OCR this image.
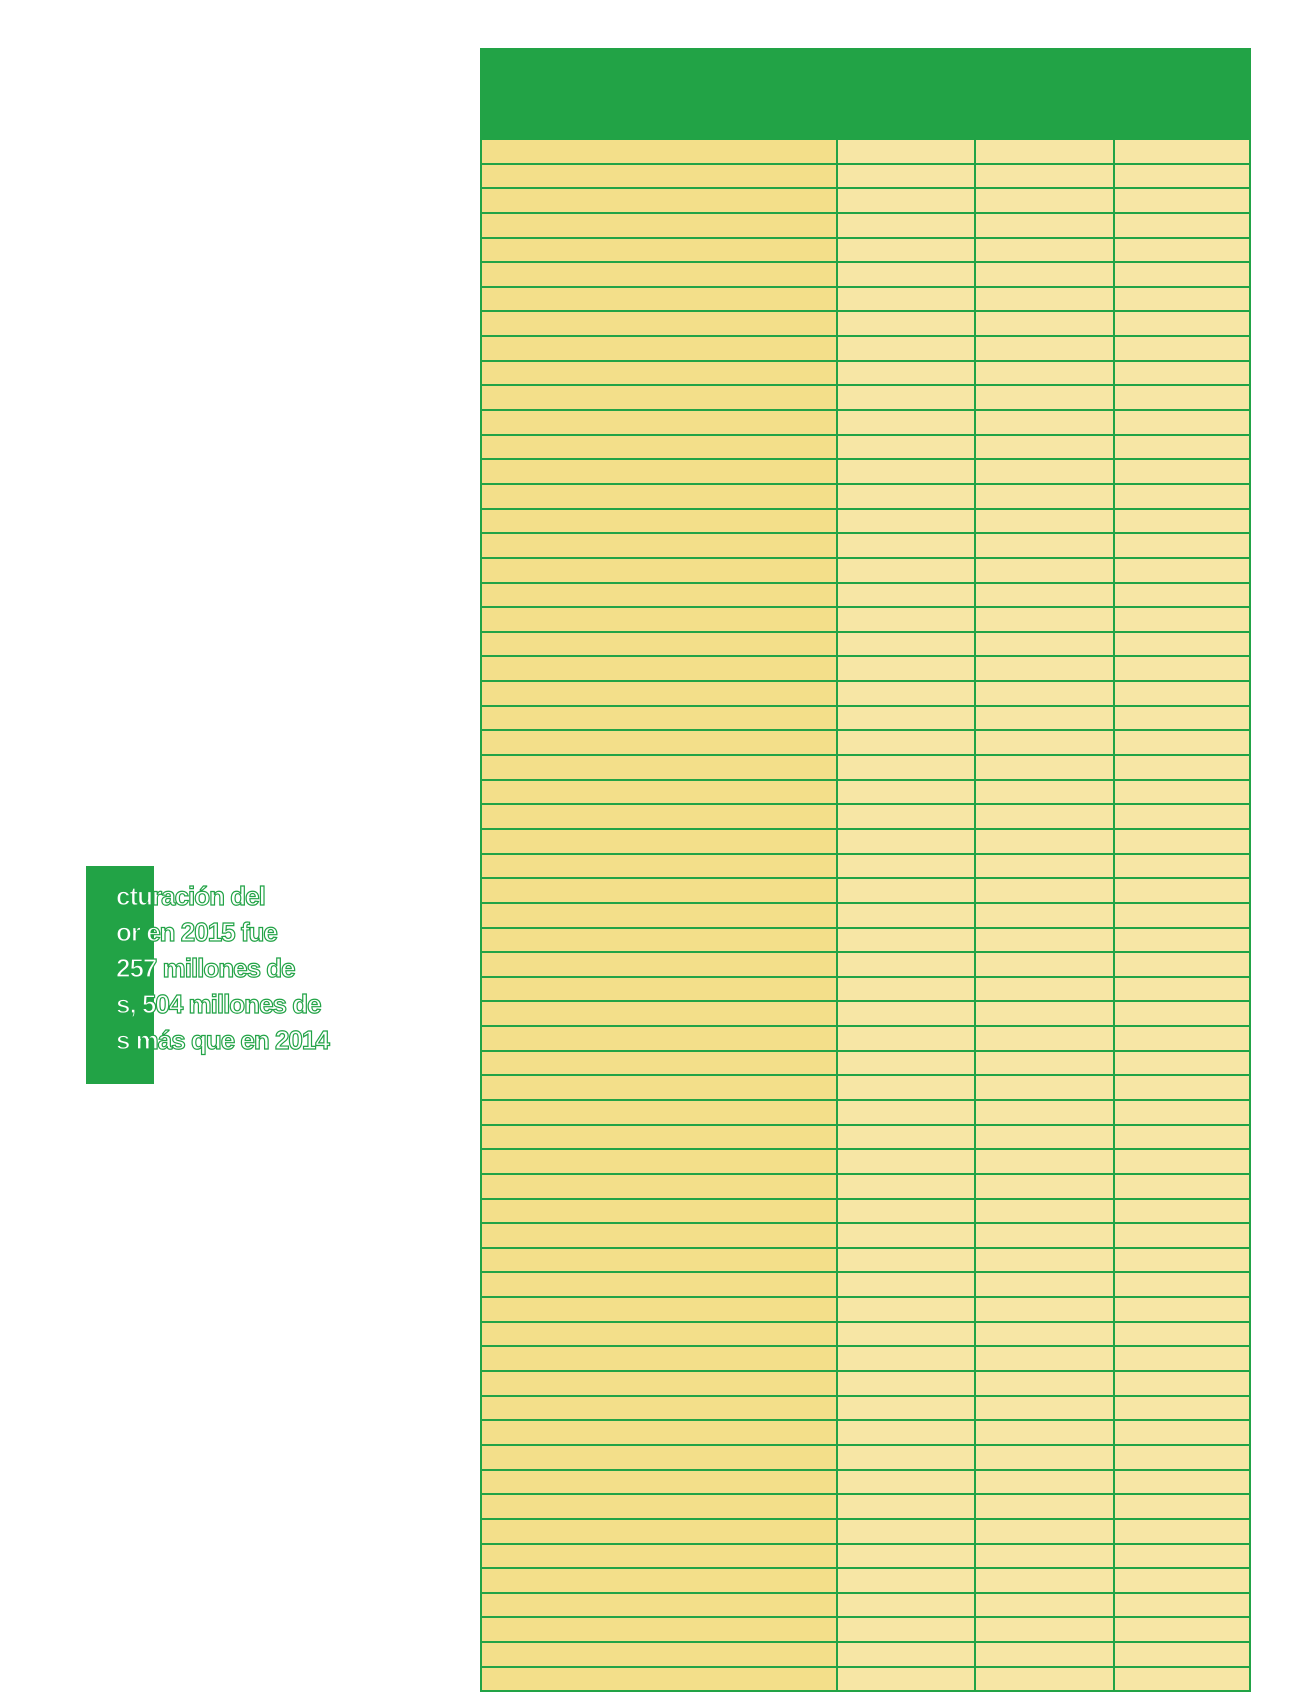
cturación del
or en 2015 fue
257 millones de
s, 504 millones de
s más que en 2014
